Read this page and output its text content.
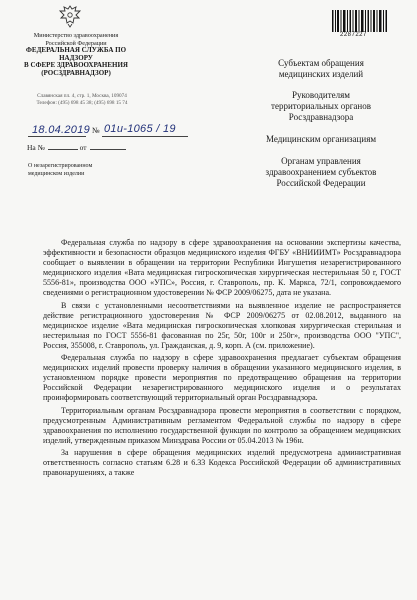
Министерство здравоохранения
Российской Федерации
ФЕДЕРАЛЬНАЯ СЛУЖБА ПО НАДЗОРУ
В СФЕРЕ ЗДРАВООХРАНЕНИЯ
(РОСЗДРАВНАДЗОР)
Славянская пл. 4, стр. 1, Москва, 109074
Телефон: (495) 698 45 38; (495) 698 15 74
18.04.2019 № 01и-1065 / 19
На №	от
О незарегистрированном
медицинском изделии
2287227
Субъектам обращения
медицинских изделий
Руководителям
территориальных органов
Росздравнадзора
Медицинским организациям
Органам управления
здравоохранением субъектов
Российской Федерации

Федеральная служба по надзору в сфере здравоохранения на основании экспертизы качества, эффективности и безопасности образцов медицинского изделия ФГБУ «ВНИИИМТ» Росздравнадзора сообщает о выявлении в обращении на территории Республики Ингушетия незарегистрированного медицинского изделия «Вата медицинская гигроскопическая хирургическая нестерильная 50 г, ГОСТ 5556-81», производства ООО «УПС», Россия, г. Ставрополь, пр. К. Маркса, 72/1, сопровождаемого сведениями о регистрационном удостоверении № ФСР 2009/06275, дата не указана.

В связи с установленными несоответствиями на выявленное изделие не распространяется действие регистрационного удостоверения № ФСР 2009/06275 от 02.08.2012, выданного на медицинское изделие «Вата медицинская гигроскопическая хлопковая хирургическая стерильная и нестерильная по ГОСТ 5556-81 фасованная по 25г, 50г, 100г и 250г», производства ООО "УПС", Россия, 355008, г. Ставрополь, ул. Гражданская, д. 9, корп. А (см. приложение).

Федеральная служба по надзору в сфере здравоохранения предлагает субъектам обращения медицинских изделий провести проверку наличия в обращении указанного медицинского изделия, в установленном порядке провести мероприятия по предотвращению обращения на территории Российской Федерации незарегистрированного медицинского изделия и о результатах проинформировать соответствующий территориальный орган Росздравнадзора.

Территориальным органам Росздравнадзора провести мероприятия в соответствии с порядком, предусмотренным Административным регламентом Федеральной службы по надзору в сфере здравоохранения по исполнению государственной функции по контролю за обращением медицинских изделий, утвержденным приказом Минздрава России от 05.04.2013 № 196н.

За нарушения в сфере обращения медицинских изделий предусмотрена административная ответственность согласно статьям 6.28 и 6.33 Кодекса Российской Федерации об административных правонарушениях, а также
